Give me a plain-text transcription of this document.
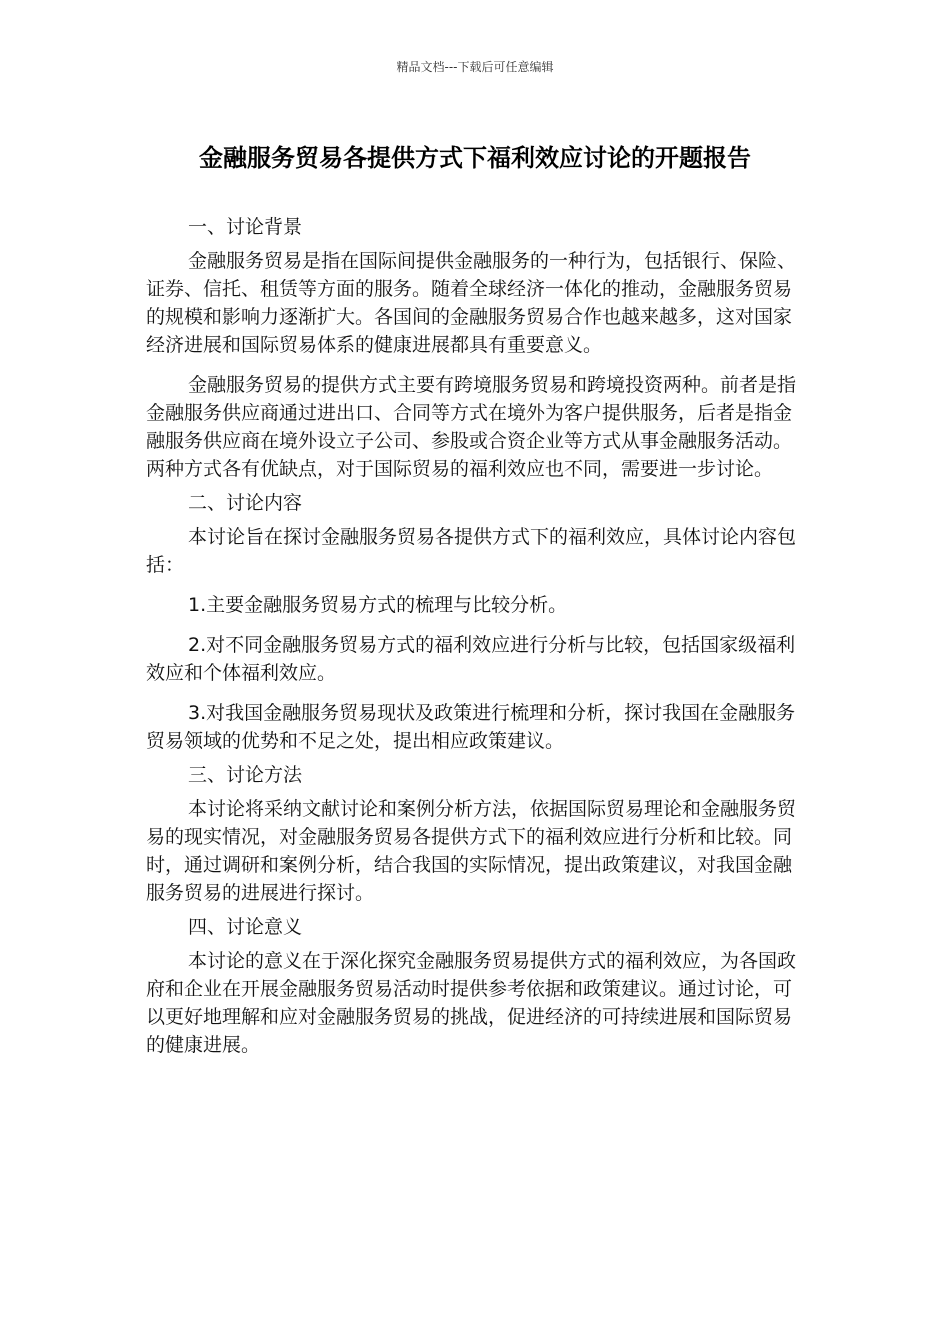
精品文档---下载后可任意编辑
金融服务贸易各提供方式下福利效应讨论的开题报告

一、讨论背景

金融服务贸易是指在国际间提供金融服务的一种行为，包括银行、保险、证券、信托、租赁等方面的服务。随着全球经济一体化的推动，金融服务贸易的规模和影响力逐渐扩大。各国间的金融服务贸易合作也越来越多，这对国家经济进展和国际贸易体系的健康进展都具有重要意义。

金融服务贸易的提供方式主要有跨境服务贸易和跨境投资两种。前者是指金融服务供应商通过进出口、合同等方式在境外为客户提供服务，后者是指金融服务供应商在境外设立子公司、参股或合资企业等方式从事金融服务活动。两种方式各有优缺点，对于国际贸易的福利效应也不同，需要进一步讨论。

二、讨论内容

本讨论旨在探讨金融服务贸易各提供方式下的福利效应，具体讨论内容包括：

1.主要金融服务贸易方式的梳理与比较分析。

2.对不同金融服务贸易方式的福利效应进行分析与比较，包括国家级福利效应和个体福利效应。

3.对我国金融服务贸易现状及政策进行梳理和分析，探讨我国在金融服务贸易领域的优势和不足之处，提出相应政策建议。

三、讨论方法

本讨论将采纳文献讨论和案例分析方法，依据国际贸易理论和金融服务贸易的现实情况，对金融服务贸易各提供方式下的福利效应进行分析和比较。同时，通过调研和案例分析，结合我国的实际情况，提出政策建议，对我国金融服务贸易的进展进行探讨。

四、讨论意义

本讨论的意义在于深化探究金融服务贸易提供方式的福利效应，为各国政府和企业在开展金融服务贸易活动时提供参考依据和政策建议。通过讨论，可以更好地理解和应对金融服务贸易的挑战，促进经济的可持续进展和国际贸易的健康进展。
